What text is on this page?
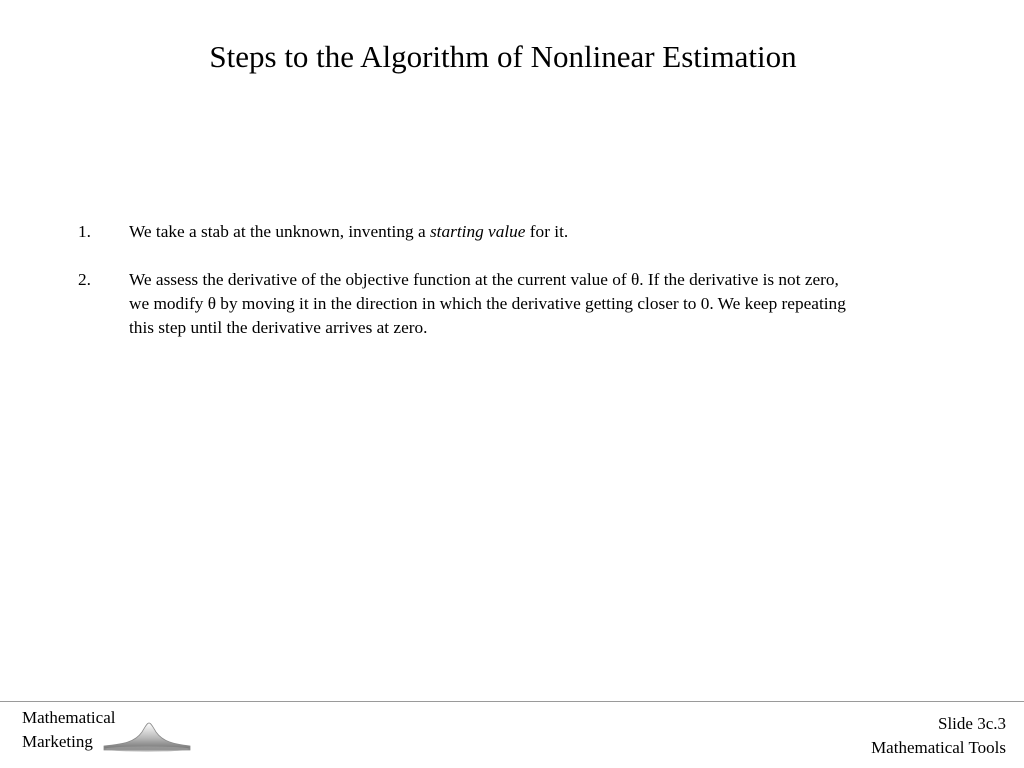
Steps to the Algorithm of Nonlinear Estimation
1.	We take a stab at the unknown, inventing a starting value for it.
2.	We assess the derivative of the objective function at the current value of θ. If the derivative is not zero, we modify θ by moving it in the direction in which the derivative getting closer to 0. We keep repeating this step until the derivative arrives at zero.
Mathematical
Marketing
Slide 3c.3
Mathematical Tools
